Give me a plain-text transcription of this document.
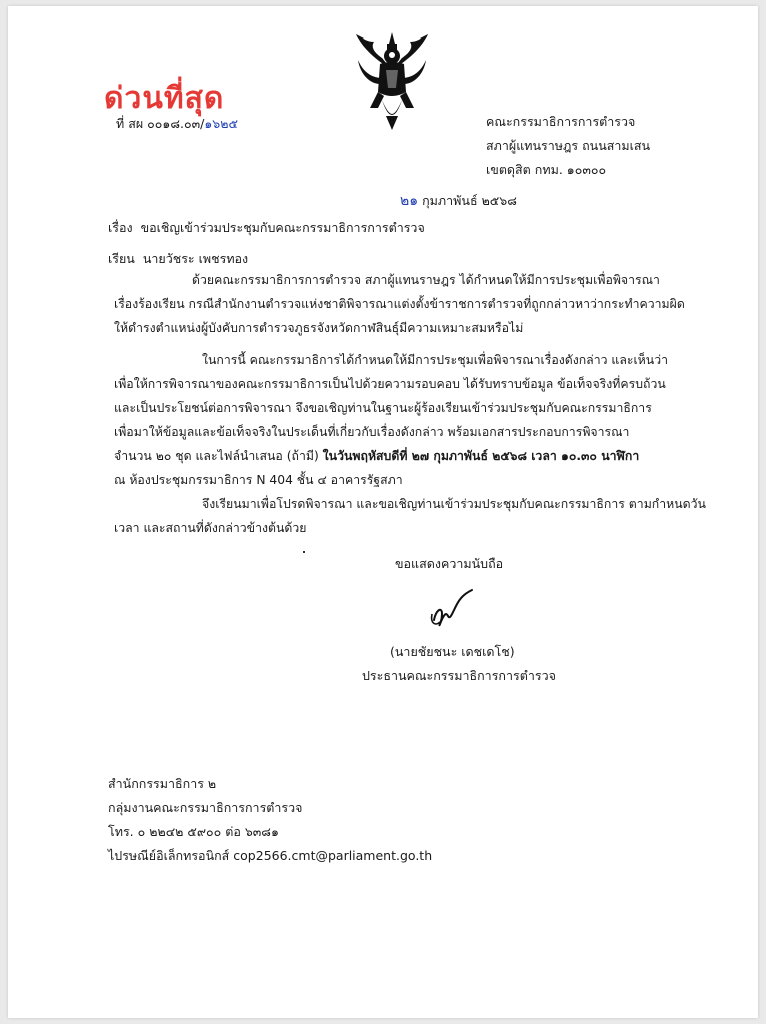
ด่วนที่สุด
ที่ สผ ๐๐๑๘.๐๓/๑๖๒๕	คณะกรรมาธิการการตำรวจ
สภาผู้แทนราษฎร ถนนสามเสน
เขตดุสิต กทม. ๑๐๓๐๐
๒๑ กุมภาพันธ์ ๒๕๖๘
เรื่อง ขอเชิญเข้าร่วมประชุมกับคณะกรรมาธิการการตำรวจ
เรียน นายวัชระ เพชรทอง
ด้วยคณะกรรมาธิการการตำรวจ สภาผู้แทนราษฎร ได้กำหนดให้มีการประชุมเพื่อพิจารณา
เรื่องร้องเรียน กรณีสำนักงานตำรวจแห่งชาติพิจารณาแต่งตั้งข้าราชการตำรวจที่ถูกกล่าวหาว่ากระทำความผิด
ให้ดำรงตำแหน่งผู้บังคับการตำรวจภูธรจังหวัดกาฬสินธุ์มีความเหมาะสมหรือไม่
ในการนี้ คณะกรรมาธิการได้กำหนดให้มีการประชุมเพื่อพิจารณาเรื่องดังกล่าว และเห็นว่า
เพื่อให้การพิจารณาของคณะกรรมาธิการเป็นไปด้วยความรอบคอบ ได้รับทราบข้อมูล ข้อเท็จจริงที่ครบถ้วน
และเป็นประโยชน์ต่อการพิจารณา จึงขอเชิญท่านในฐานะผู้ร้องเรียนเข้าร่วมประชุมกับคณะกรรมาธิการ
เพื่อมาให้ข้อมูลและข้อเท็จจริงในประเด็นที่เกี่ยวกับเรื่องดังกล่าว พร้อมเอกสารประกอบการพิจารณา
จำนวน ๒๐ ชุด และไฟล์นำเสนอ (ถ้ามี) ในวันพฤหัสบดีที่ ๒๗ กุมภาพันธ์ ๒๕๖๘ เวลา ๑๐.๓๐ นาฬิกา
ณ ห้องประชุมกรรมาธิการ N 404 ชั้น ๔ อาคารรัฐสภา
จึงเรียนมาเพื่อโปรดพิจารณา และขอเชิญท่านเข้าร่วมประชุมกับคณะกรรมาธิการ ตามกำหนดวัน
เวลา และสถานที่ดังกล่าวข้างต้นด้วย
ขอแสดงความนับถือ
(นายชัยชนะ เดชเดโช)
ประธานคณะกรรมาธิการการตำรวจ
สำนักกรรมาธิการ ๒
กลุ่มงานคณะกรรมาธิการการตำรวจ
โทร. ๐ ๒๒๔๒ ๕๙๐๐ ต่อ ๖๓๘๑
ไปรษณีย์อิเล็กทรอนิกส์ cop2566.cmt@parliament.go.th
